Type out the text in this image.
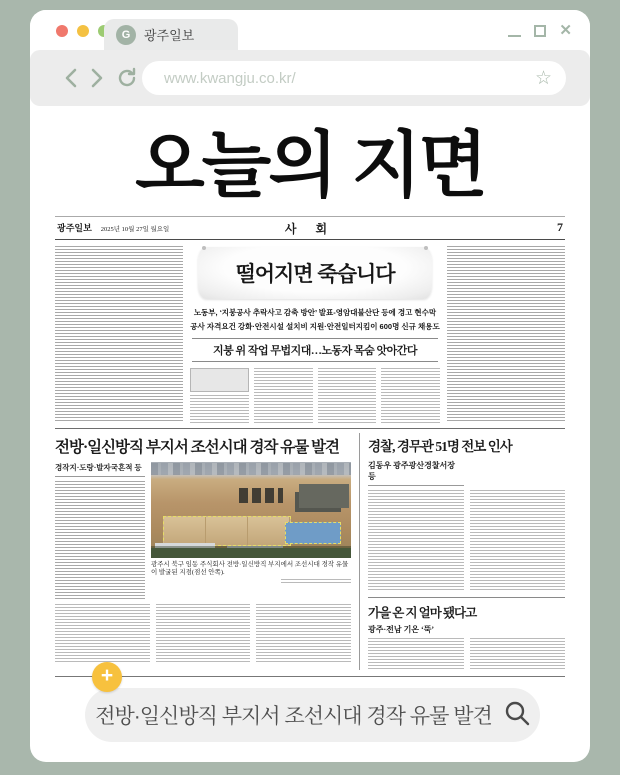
G	광주일보	✕
www.kwangju.co.kr/	☆
오늘의 지면
광주일보 2025년 10월 27일 월요일	사 회	7
떨어지면 죽습니다
노동부, ‘지붕공사 추락사고 감축 방안’ 발표-영암대불산단 등에 경고 현수막
공사 자격요건 강화·안전시설 설치비 지원·안전일터지킴이 600명 신규 채용도
지붕 위 작업 무법지대…노동자 목숨 앗아간다
전방·일신방직 부지서 조선시대 경작 유물 발견
경작지·도랑·발자국흔적 등
광주시 북구 임동 주식회사 전방·일신방직 부지에서 조선시대 경작 유물이 발굴된 지점(점선 안쪽).
경찰, 경무관 51명 전보 인사
김동우 광주광산경찰서장 등
가을 온 지 얼마 됐다고
광주·전남 기온 ‘뚝’
+
전방·일신방직 부지서 조선시대 경작 유물 발견
